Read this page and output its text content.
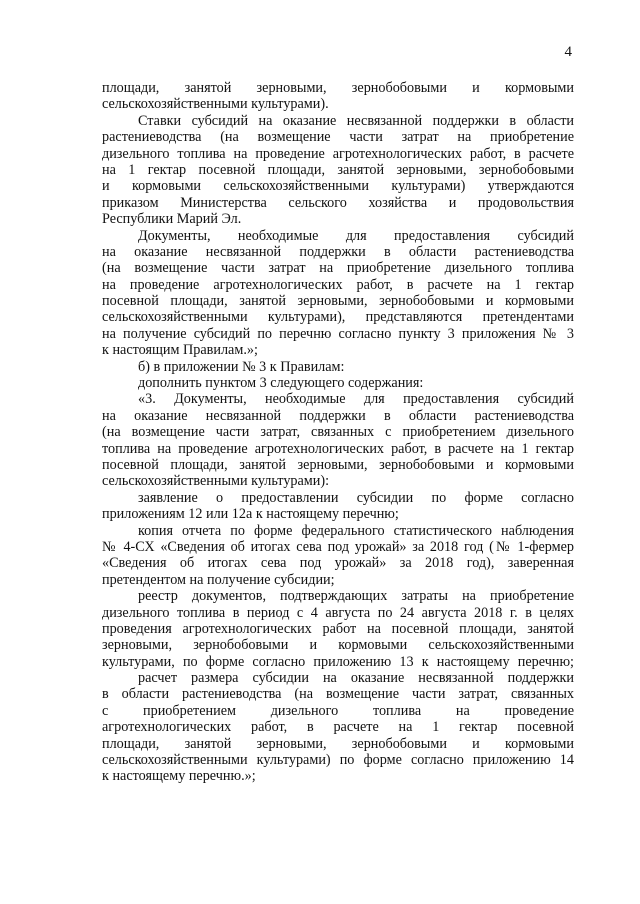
4
площади, занятой зерновыми, зернобобовыми и кормовыми
сельскохозяйственными культурами).
Ставки субсидий на оказание несвязанной поддержки в области
растениеводства (на возмещение части затрат на приобретение
дизельного топлива на проведение агротехнологических работ, в расчете
на 1 гектар посевной площади, занятой зерновыми, зернобобовыми
и кормовыми сельскохозяйственными культурами) утверждаются
приказом Министерства сельского хозяйства и продовольствия
Республики Марий Эл.
Документы, необходимые для предоставления субсидий
на оказание несвязанной поддержки в области растениеводства
(на возмещение части затрат на приобретение дизельного топлива
на проведение агротехнологических работ, в расчете на 1 гектар
посевной площади, занятой зерновыми, зернобобовыми и кормовыми
сельскохозяйственными культурами), представляются претендентами
на получение субсидий по перечню согласно пункту 3 приложения № 3
к настоящим Правилам.»;
б) в приложении № 3 к Правилам:
дополнить пунктом 3 следующего содержания:
«3. Документы, необходимые для предоставления субсидий
на оказание несвязанной поддержки в области растениеводства
(на возмещение части затрат, связанных с приобретением дизельного
топлива на проведение агротехнологических работ, в расчете на 1 гектар
посевной площади, занятой зерновыми, зернобобовыми и кормовыми
сельскохозяйственными культурами):
заявление о предоставлении субсидии по форме согласно
приложениям 12 или 12а к настоящему перечню;
копия отчета по форме федерального статистического наблюдения
№ 4-СХ «Сведения об итогах сева под урожай» за 2018 год (№ 1-фермер
«Сведения об итогах сева под урожай» за 2018 год), заверенная
претендентом на получение субсидии;
реестр документов, подтверждающих затраты на приобретение
дизельного топлива в период с 4 августа по 24 августа 2018 г. в целях
проведения агротехнологических работ на посевной площади, занятой
зерновыми, зернобобовыми и кормовыми сельскохозяйственными
культурами, по форме согласно приложению 13 к настоящему перечню;
расчет размера субсидии на оказание несвязанной поддержки
в области растениеводства (на возмещение части затрат, связанных
с приобретением дизельного топлива на проведение
агротехнологических работ, в расчете на 1 гектар посевной
площади, занятой зерновыми, зернобобовыми и кормовыми
сельскохозяйственными культурами) по форме согласно приложению 14
к настоящему перечню.»;
